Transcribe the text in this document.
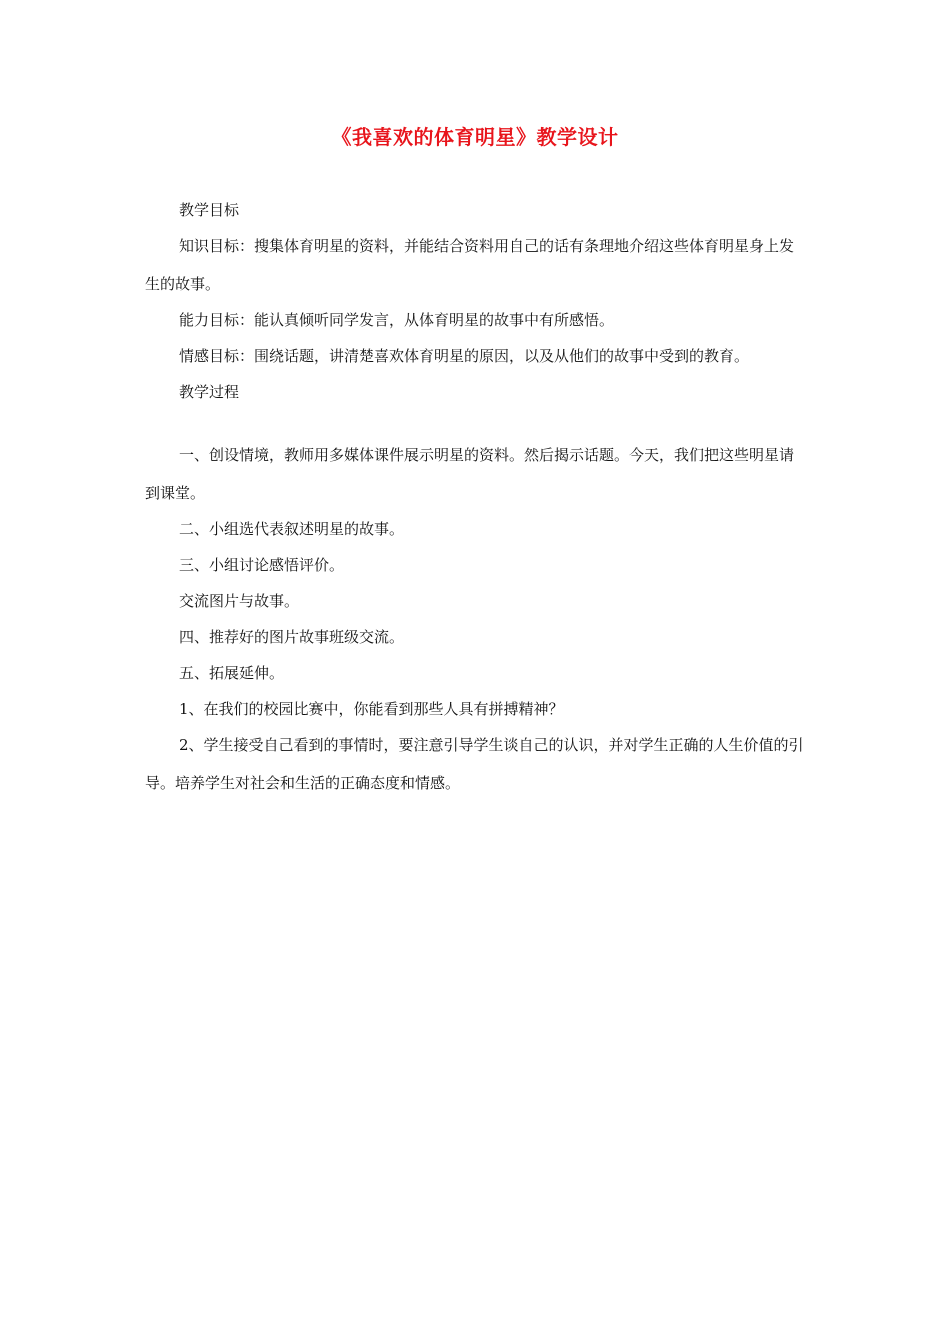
《我喜欢的体育明星》教学设计

教学目标

知识目标：搜集体育明星的资料，并能结合资料用自己的话有条理地介绍这些体育明星身上发生的故事。

能力目标：能认真倾听同学发言，从体育明星的故事中有所感悟。

情感目标：围绕话题，讲清楚喜欢体育明星的原因，以及从他们的故事中受到的教育。

教学过程

一、创设情境，教师用多媒体课件展示明星的资料。然后揭示话题。今天，我们把这些明星请到课堂。

二、小组选代表叙述明星的故事。

三、小组讨论感悟评价。

交流图片与故事。

四、推荐好的图片故事班级交流。

五、拓展延伸。

1、在我们的校园比赛中，你能看到那些人具有拼搏精神？

2、学生接受自己看到的事情时，要注意引导学生谈自己的认识，并对学生正确的人生价值的引导。培养学生对社会和生活的正确态度和情感。
